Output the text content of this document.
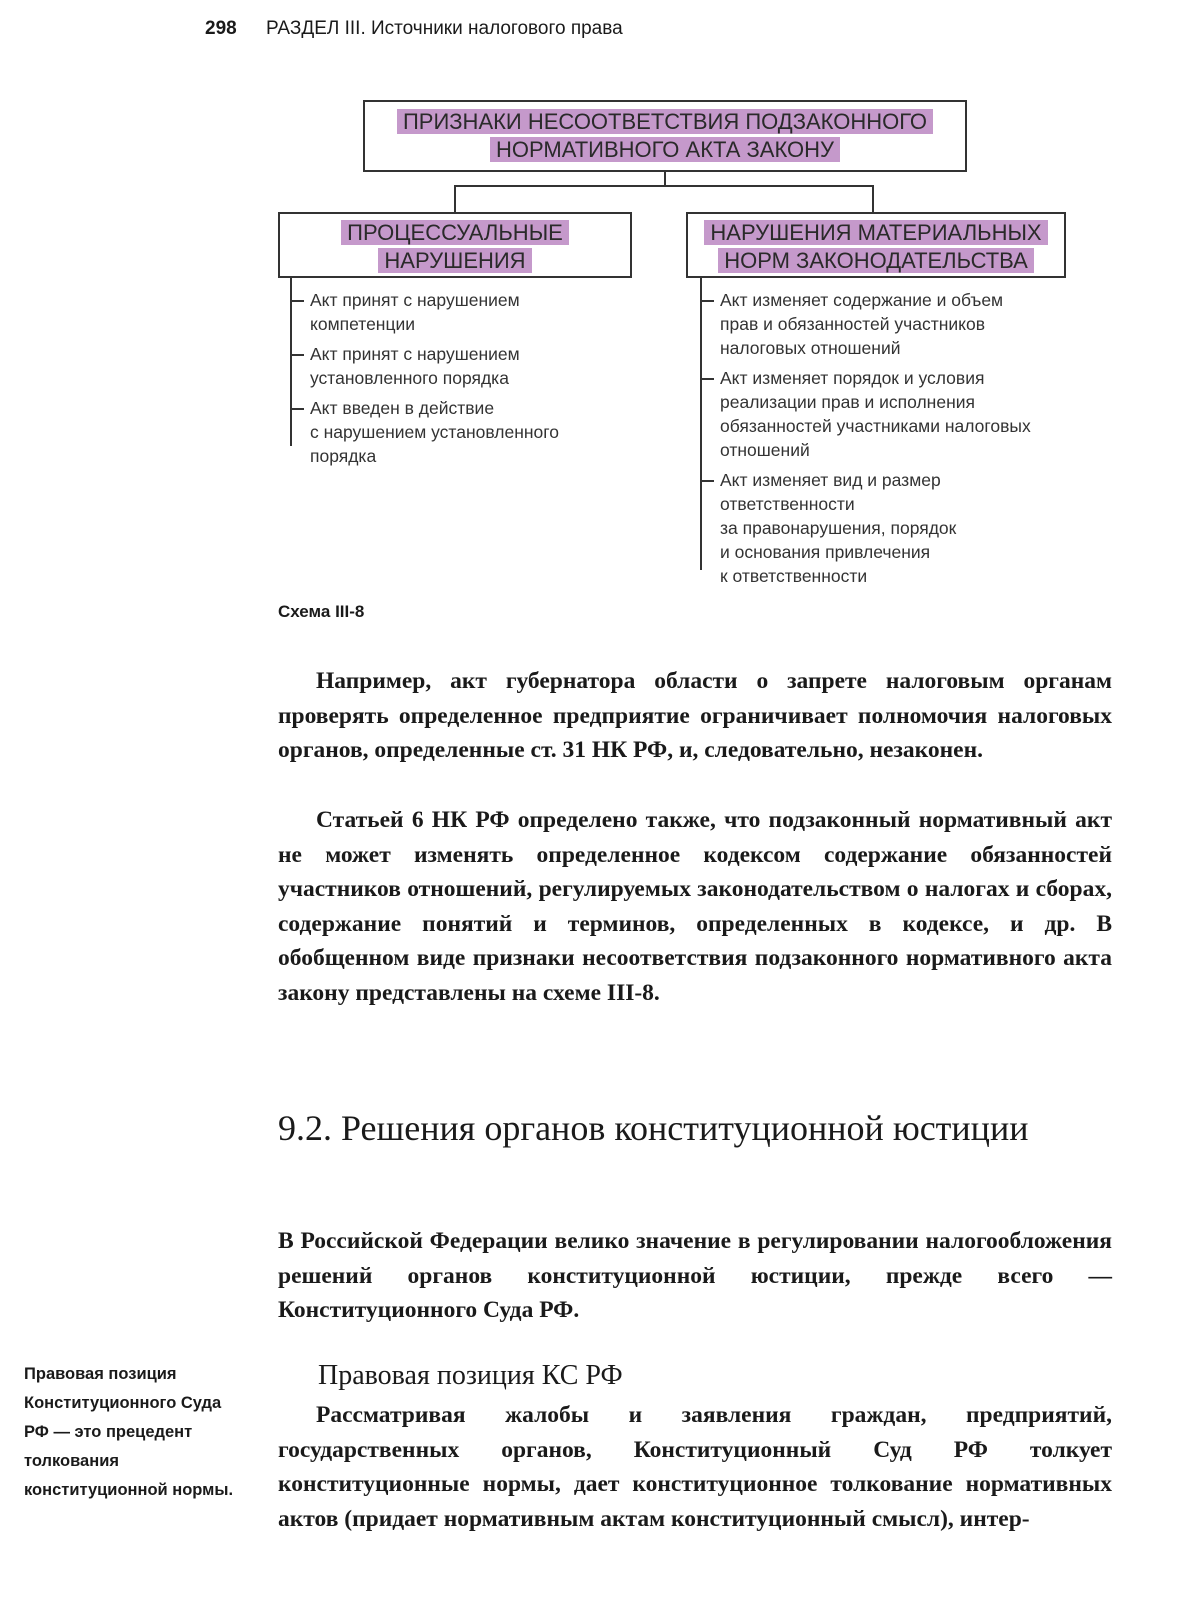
298 РАЗДЕЛ III. Источники налогового права
ПРИЗНАКИ НЕСООТВЕТСТВИЯ ПОДЗАКОННОГО
НОРМАТИВНОГО АКТА ЗАКОНУ
ПРОЦЕССУАЛЬНЫЕ
НАРУШЕНИЯ
НАРУШЕНИЯ МАТЕРИАЛЬНЫХ
НОРМ ЗАКОНОДАТЕЛЬСТВА
Акт принят с нарушением
компетенции
Акт принят с нарушением
установленного порядка
Акт введен в действие
с нарушением установленного
порядка
Акт изменяет содержание и объем
прав и обязанностей участников
налоговых отношений
Акт изменяет порядок и условия
реализации прав и исполнения
обязанностей участниками налоговых
отношений
Акт изменяет вид и размер
ответственности
за правонарушения, порядок
и основания привлечения
к ответственности
Схема III-8
Например, акт губернатора области о запрете налоговым органам проверять определенное предприятие ограничивает полномочия налоговых органов, определенные ст. 31 НК РФ, и, следовательно, незаконен.
Статьей 6 НК РФ определено также, что подзаконный нормативный акт не может изменять определенное кодексом содержание обязанностей участников отношений, регулируемых законодательством о налогах и сборах, содержание понятий и терминов, определенных в кодексе, и др. В обобщенном виде признаки несоответствия подзаконного нормативного акта закону представлены на схеме III-8.
9.2. Решения органов конституционной юстиции
В Российской Федерации велико значение в регулировании налогообложения решений органов конституционной юстиции, прежде всего — Конституционного Суда РФ.
Правовая позиция КС РФ
Рассматривая жалобы и заявления граждан, предприятий, государственных органов, Конституционный Суд РФ толкует конституционные нормы, дает конституционное толкование нормативных актов (придает нормативным актам конституционный смысл), интер-
Правовая позиция Конституционного Суда РФ — это прецедент толкования конституционной нормы.
